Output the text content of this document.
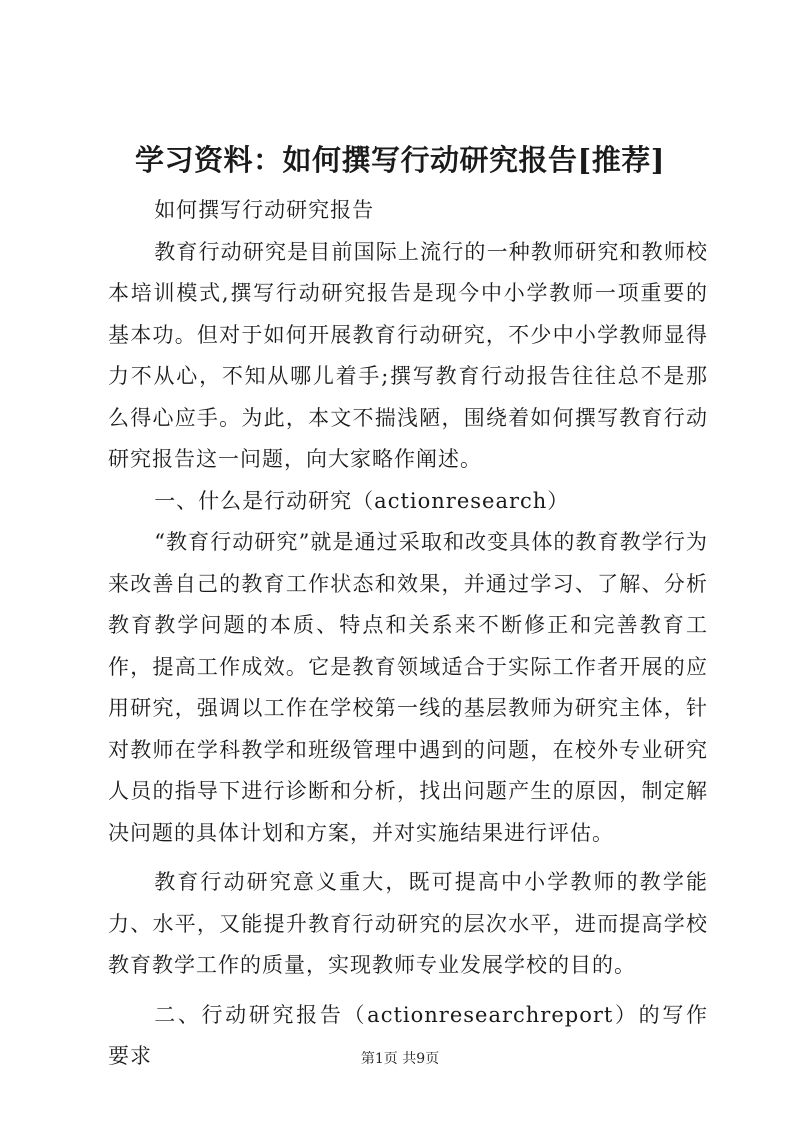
学习资料：如何撰写行动研究报告[推荐]

如何撰写行动研究报告

教育行动研究是目前国际上流行的一种教师研究和教师校本培训模式,撰写行动研究报告是现今中小学教师一项重要的基本功。但对于如何开展教育行动研究，不少中小学教师显得力不从心，不知从哪儿着手;撰写教育行动报告往往总不是那么得心应手。为此，本文不揣浅陋，围绕着如何撰写教育行动研究报告这一问题，向大家略作阐述。

一、什么是行动研究（actionresearch）

“教育行动研究”就是通过采取和改变具体的教育教学行为来改善自己的教育工作状态和效果，并通过学习、了解、分析教育教学问题的本质、特点和关系来不断修正和完善教育工作，提高工作成效。它是教育领域适合于实际工作者开展的应用研究，强调以工作在学校第一线的基层教师为研究主体，针对教师在学科教学和班级管理中遇到的问题，在校外专业研究人员的指导下进行诊断和分析，找出问题产生的原因，制定解决问题的具体计划和方案，并对实施结果进行评估。

教育行动研究意义重大，既可提高中小学教师的教学能力、水平，又能提升教育行动研究的层次水平，进而提高学校教育教学工作的质量，实现教师专业发展学校的目的。

二、行动研究报告（actionresearchreport）的写作要求	第1页 共9页
